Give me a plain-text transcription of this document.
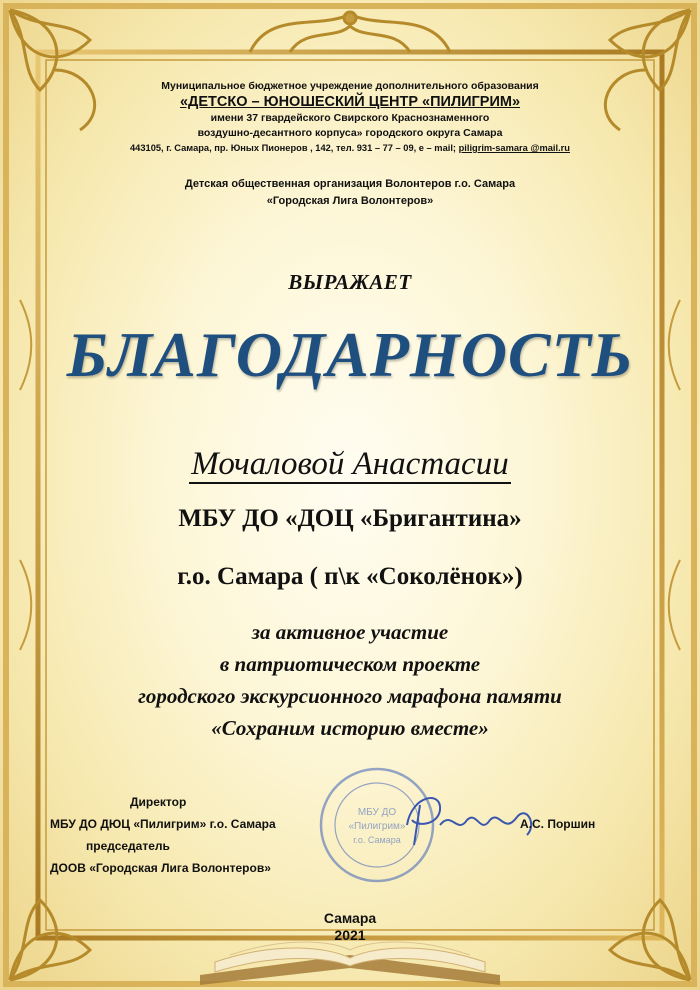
Муниципальное бюджетное учреждение дополнительного образования
«ДЕТСКО – ЮНОШЕСКИЙ ЦЕНТР «ПИЛИГРИМ»
имени 37 гвардейского Свирского Краснознаменного
воздушно-десантного корпуса» городского округа Самара
443105, г. Самара, пр. Юных Пионеров , 142, тел. 931 – 77 – 09, е – mail; piligrim-samara @mail.ru
Детская общественная организация Волонтеров г.о. Самара
«Городская Лига Волонтеров»
ВЫРАЖАЕТ
БЛАГОДАРНОСТЬ
Мочаловой Анастасии
МБУ ДО «ДОЦ «Бригантина»
г.о. Самара ( п\к «Соколёнок»)
за активное участие
в патриотическом проекте
городского экскурсионного марафона памяти
«Сохраним историю вместе»
МБУ ДО
«Пилигрим»
г.о. Самара
Директор
МБУ ДО ДЮЦ «Пилигрим» г.о. Самара	А.С. Поршин
председатель
ДООВ «Городская Лига Волонтеров»
Самара
2021
